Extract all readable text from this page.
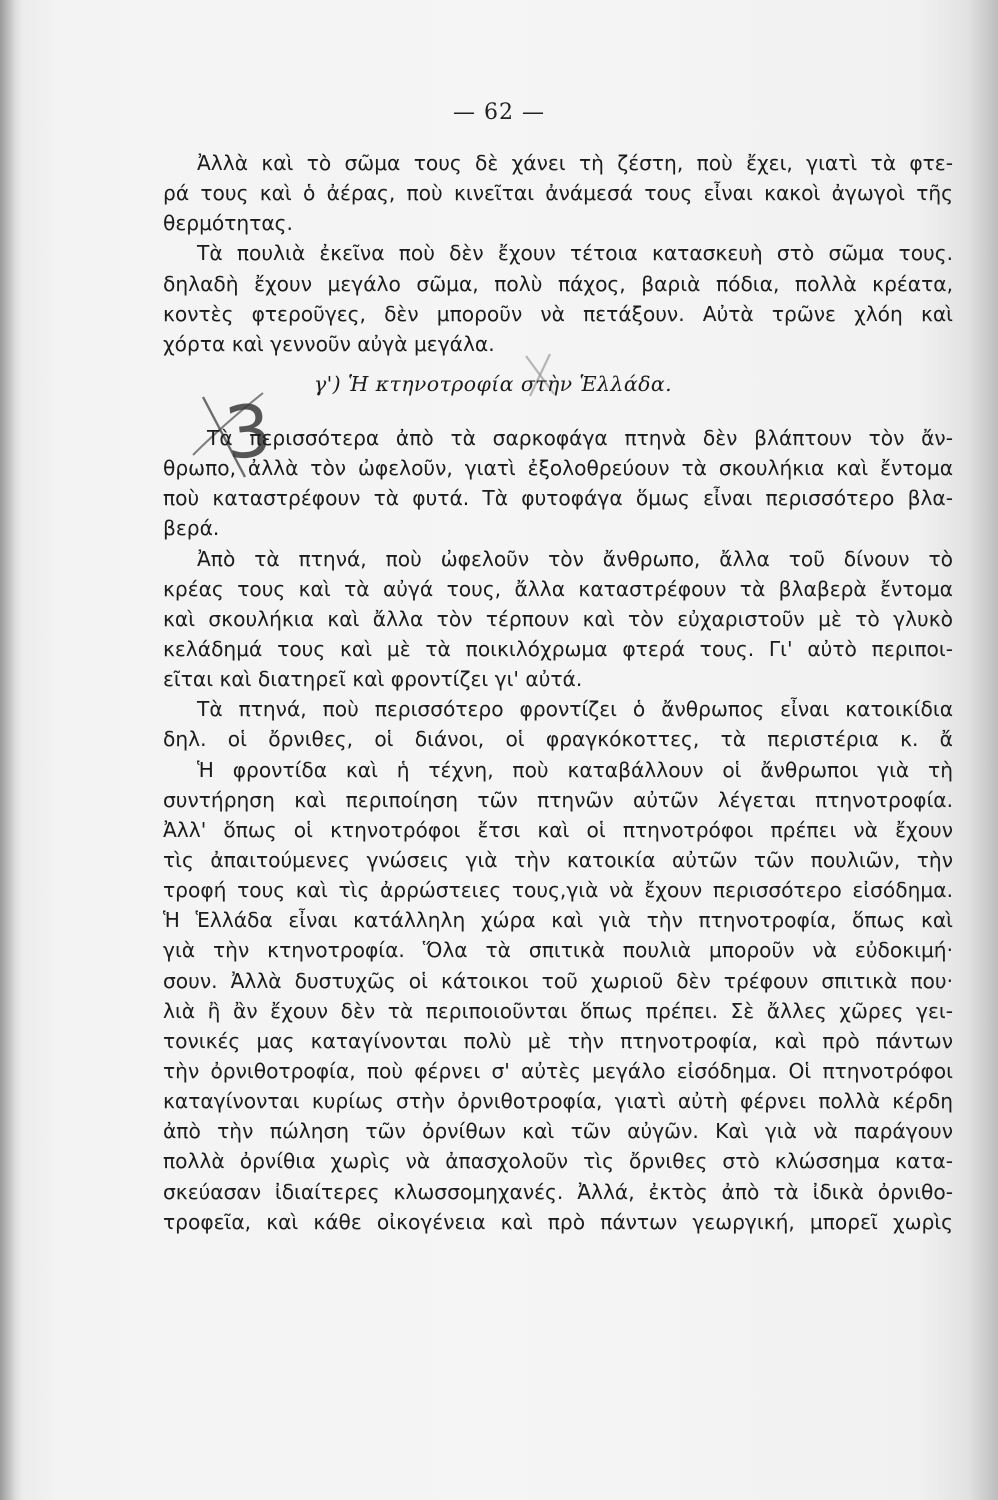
— 62 —
3
Ἀλλὰ καὶ τὸ σῶμα τους δὲ χάνει τὴ ζέστη, ποὺ ἔχει, γιατὶ τὰ φτε-
ρά τους καὶ ὁ ἀέρας, ποὺ κινεῖται ἀνάμεσά τους εἶναι κακοὶ ἀγωγοὶ τῆς
θερμότητας.
Τὰ πουλιὰ ἐκεῖνα ποὺ δὲν ἔχουν τέτοια κατασκευὴ στὸ σῶμα τους.
δηλαδὴ ἔχουν μεγάλο σῶμα, πολὺ πάχος, βαριὰ πόδια, πολλὰ κρέατα,
κοντὲς φτεροῦγες, δὲν μποροῦν νὰ πετάξουν. Αὐτὰ τρῶνε χλόη καὶ
χόρτα καὶ γεννοῦν αὐγὰ μεγάλα.
γ') Ἡ κτηνοτροφία στὴν Ἑλλάδα.
Τὰ περισσότερα ἀπὸ τὰ σαρκοφάγα πτηνὰ δὲν βλάπτουν τὸν ἄν-
θρωπο, ἀλλὰ τὸν ὠφελοῦν, γιατὶ ἐξολοθρεύουν τὰ σκουλήκια καὶ ἔντομα
ποὺ καταστρέφουν τὰ φυτά. Τὰ φυτοφάγα ὅμως εἶναι περισσότερο βλα-
βερά.
Ἀπὸ τὰ πτηνά, ποὺ ὠφελοῦν τὸν ἄνθρωπο, ἄλλα τοῦ δίνουν τὸ
κρέας τους καὶ τὰ αὐγά τους, ἄλλα καταστρέφουν τὰ βλαβερὰ ἔντομα
καὶ σκουλήκια καὶ ἄλλα τὸν τέρπουν καὶ τὸν εὐχαριστοῦν μὲ τὸ γλυκὸ
κελάδημά τους καὶ μὲ τὰ ποικιλόχρωμα φτερά τους. Γι' αὐτὸ περιποι-
εῖται καὶ διατηρεῖ καὶ φροντίζει γι' αὐτά.
Τὰ πτηνά, ποὺ περισσότερο φροντίζει ὁ ἄνθρωπος εἶναι κατοικίδια
δηλ. οἱ ὄρνιθες, οἱ διάνοι, οἱ φραγκόκοττες, τὰ περιστέρια κ. ἄ
Ἡ φροντίδα καὶ ἡ τέχνη, ποὺ καταβάλλουν οἱ ἄνθρωποι γιὰ τὴ
συντήρηση καὶ περιποίηση τῶν πτηνῶν αὐτῶν λέγεται πτηνοτροφία.
Ἀλλ' ὅπως οἱ κτηνοτρόφοι ἔτσι καὶ οἱ πτηνοτρόφοι πρέπει νὰ ἔχουν
τὶς ἀπαιτούμενες γνώσεις γιὰ τὴν κατοικία αὐτῶν τῶν πουλιῶν, τὴν
τροφή τους καὶ τὶς ἀρρώστειες τους,γιὰ νὰ ἔχουν περισσότερο εἰσόδημα.
Ἡ Ἑλλάδα εἶναι κατάλληλη χώρα καὶ γιὰ τὴν πτηνοτροφία, ὅπως καὶ
γιὰ τὴν κτηνοτροφία. Ὅλα τὰ σπιτικὰ πουλιὰ μποροῦν νὰ εὐδοκιμή·
σουν. Ἀλλὰ δυστυχῶς οἱ κάτοικοι τοῦ χωριοῦ δὲν τρέφουν σπιτικὰ που·
λιὰ ἢ ἂν ἔχουν δὲν τὰ περιποιοῦνται ὅπως πρέπει. Σὲ ἄλλες χῶρες γει-
τονικές μας καταγίνονται πολὺ μὲ τὴν πτηνοτροφία, καὶ πρὸ πάντων
τὴν ὀρνιθοτροφία, ποὺ φέρνει σ' αὐτὲς μεγάλο εἰσόδημα. Οἱ πτηνοτρόφοι
καταγίνονται κυρίως στὴν ὀρνιθοτροφία, γιατὶ αὐτὴ φέρνει πολλὰ κέρδη
ἀπὸ τὴν πώληση τῶν ὀρνίθων καὶ τῶν αὐγῶν. Καὶ γιὰ νὰ παράγουν
πολλὰ ὀρνίθια χωρὶς νὰ ἀπασχολοῦν τὶς ὄρνιθες στὸ κλώσσημα κατα-
σκεύασαν ἰδιαίτερες κλωσσομηχανές. Ἀλλά, ἐκτὸς ἀπὸ τὰ ἰδικὰ ὀρνιθο-
τροφεῖα, καὶ κάθε οἰκογένεια καὶ πρὸ πάντων γεωργική, μπορεῖ χωρὶς
